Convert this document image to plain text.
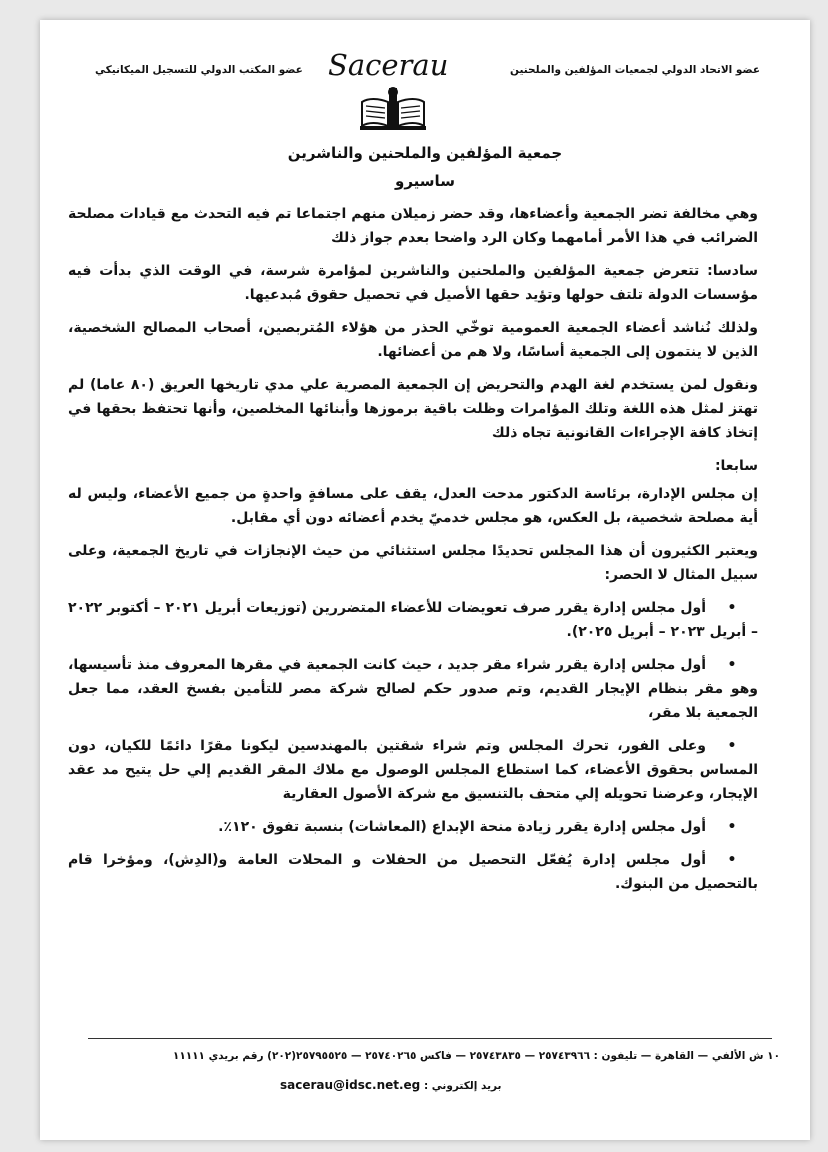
عضو الاتحاد الدولي لجمعيات المؤلفين والملحنين
عضو المكتب الدولي للتسجيل الميكانيكي Sacerau
جمعية المؤلفين والملحنين والناشرين
ساسيرو

وهي مخالفة تضر الجمعية وأعضاءها، وقد حضر زميلان منهم اجتماعا تم فيه التحدث مع قيادات مصلحة الضرائب في هذا الأمر أمامهما وكان الرد واضحا بعدم جواز ذلك

سادسا: تتعرض جمعية المؤلفين والملحنين والناشرين لمؤامرة شرسة، في الوقت الذي بدأت فيه مؤسسات الدولة تلتف حولها وتؤيد حقها الأصيل في تحصيل حقوق مُبدعيها.

ولذلك نُناشد أعضاء الجمعية العمومية توخّي الحذر من هؤلاء المُتربصين، أصحاب المصالح الشخصية، الذين لا ينتمون إلى الجمعية أساسًا، ولا هم من أعضائها.

ونقول لمن يستخدم لغة الهدم والتحريض إن الجمعية المصرية علي مدي تاريخها العريق (٨٠ عاما) لم تهتز لمثل هذه اللغة وتلك المؤامرات وظلت باقية برموزها وأبنائها المخلصين، وأنها تحتفظ بحقها في إتخاذ كافة الإجراءات القانونية تجاه ذلك

سابعا:

إن مجلس الإدارة، برئاسة الدكتور مدحت العدل، يقف على مسافةٍ واحدةٍ من جميع الأعضاء، وليس له أية مصلحة شخصية، بل العكس، هو مجلس خدميّ يخدم أعضائه دون أي مقابل.

ويعتبر الكثيرون أن هذا المجلس تحديدًا مجلس استثنائي من حيث الإنجازات في تاريخ الجمعية، وعلى سبيل المثال لا الحصر:

•أول مجلس إدارة يقرر صرف تعويضات للأعضاء المتضررين (توزيعات أبريل ٢٠٢١ – أكتوبر ٢٠٢٢ – أبريل ٢٠٢٣ – أبريل ٢٠٢٥).
•أول مجلس إدارة يقرر شراء مقر جديد ، حيث كانت الجمعية في مقرها المعروف منذ تأسيسها، وهو مقر بنظام الإيجار القديم، وتم صدور حكم لصالح شركة مصر للتأمين بفسخ العقد، مما جعل الجمعية بلا مقر،
•وعلى الفور، تحرك المجلس وتم شراء شقتين بالمهندسين ليكونا مقرًا دائمًا للكيان، دون المساس بحقوق الأعضاء، كما استطاع المجلس الوصول مع ملاك المقر القديم إلي حل يتيح مد عقد الإيجار، وعرضنا تحويله إلي متحف بالتنسيق مع شركة الأصول العقارية
•أول مجلس إدارة يقرر زيادة منحة الإبداع (المعاشات) بنسبة تفوق ١٢٠٪.
•أول مجلس إدارة يُفعّل التحصيل من الحفلات و المحلات العامة و(الدِش)، ومؤخرا قام بالتحصيل من البنوك.
١٠ ش الألفي — القاهرة — تليفون : ٢٥٧٤٣٩٦٦ — ٢٥٧٤٣٨٣٥ — فاكس ٢٥٧٤٠٢٦٥ — ٢٥٧٩٥٥٢٥(٢٠٢) رقم بريدي ١١١١١
بريد إلكتروني : sacerau@idsc.net.eg
